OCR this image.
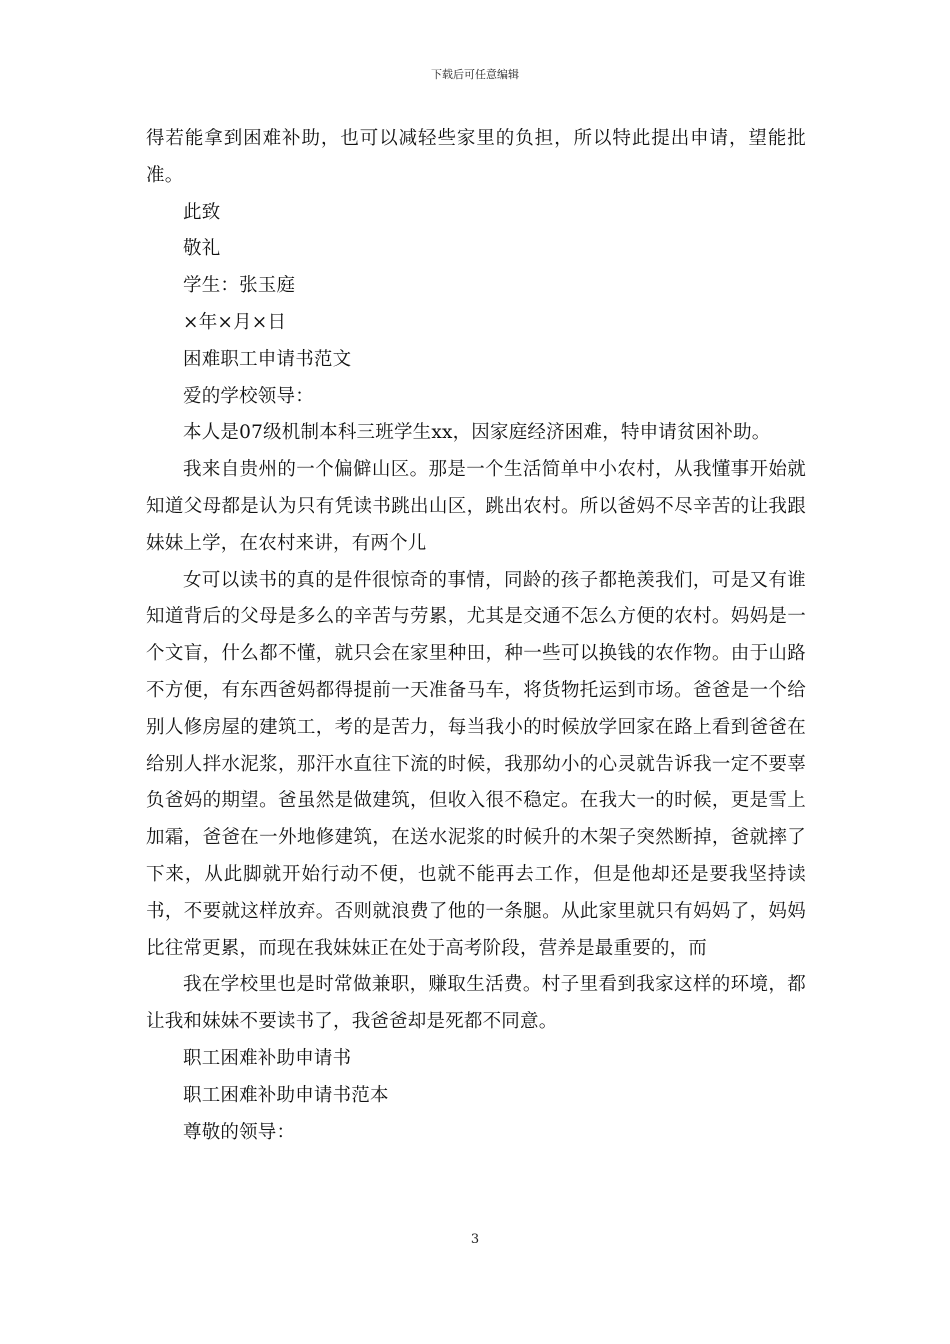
下载后可任意编辑

得若能拿到困难补助，也可以减轻些家里的负担，所以特此提出申请，望能批准。

此致

敬礼

学生：张玉庭

×年×月×日

困难职工申请书范文

爱的学校领导：

本人是07级机制本科三班学生xx，因家庭经济困难，特申请贫困补助。

我来自贵州的一个偏僻山区。那是一个生活简单中小农村，从我懂事开始就知道父母都是认为只有凭读书跳出山区，跳出农村。所以爸妈不尽辛苦的让我跟妹妹上学，在农村来讲，有两个儿

女可以读书的真的是件很惊奇的事情，同龄的孩子都艳羡我们，可是又有谁知道背后的父母是多么的辛苦与劳累，尤其是交通不怎么方便的农村。妈妈是一个文盲，什么都不懂，就只会在家里种田，种一些可以换钱的农作物。由于山路不方便，有东西爸妈都得提前一天准备马车，将货物托运到市场。爸爸是一个给别人修房屋的建筑工，考的是苦力，每当我小的时候放学回家在路上看到爸爸在给别人拌水泥浆，那汗水直往下流的时候，我那幼小的心灵就告诉我一定不要辜负爸妈的期望。爸虽然是做建筑，但收入很不稳定。在我大一的时候，更是雪上加霜，爸爸在一外地修建筑，在送水泥浆的时候升的木架子突然断掉，爸就摔了下来，从此脚就开始行动不便，也就不能再去工作，但是他却还是要我坚持读书，不要就这样放弃。否则就浪费了他的一条腿。从此家里就只有妈妈了，妈妈比往常更累，而现在我妹妹正在处于高考阶段，营养是最重要的，而

我在学校里也是时常做兼职，赚取生活费。村子里看到我家这样的环境，都让我和妹妹不要读书了，我爸爸却是死都不同意。

职工困难补助申请书

职工困难补助申请书范本

尊敬的领导：

3
